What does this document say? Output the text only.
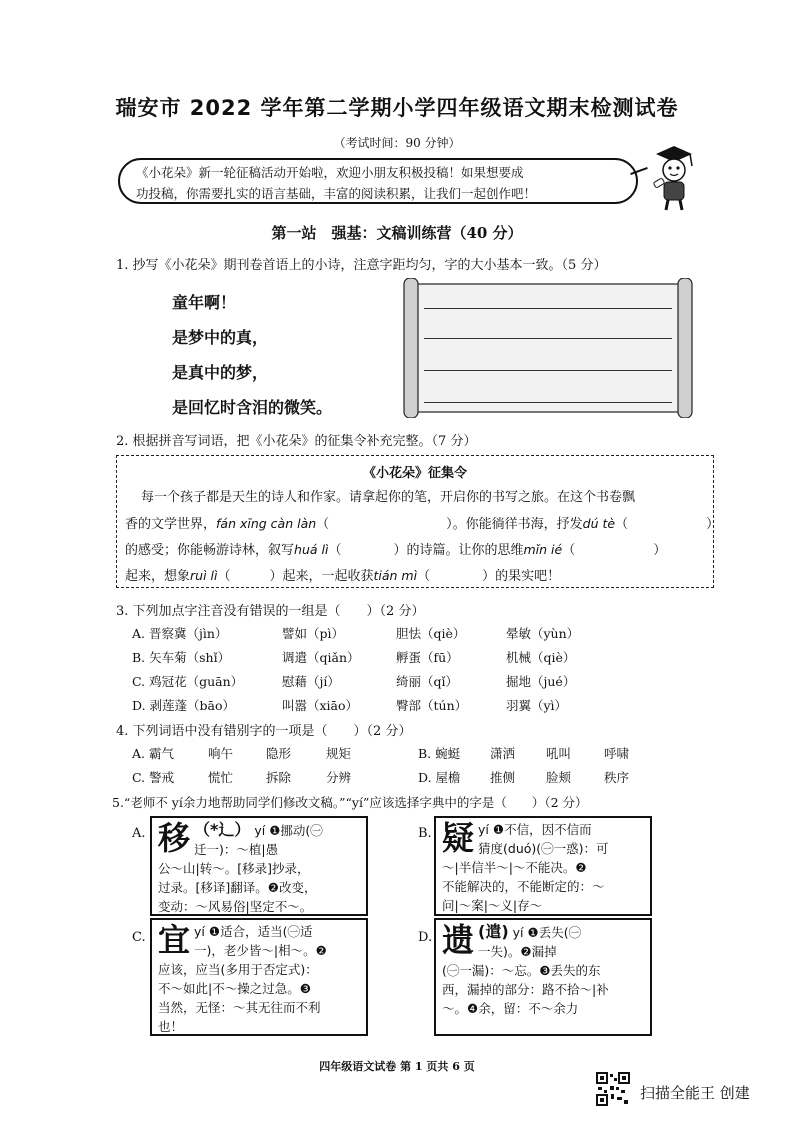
瑞安市 2022 学年第二学期小学四年级语文期末检测试卷
（考试时间：90 分钟）
《小花朵》新一轮征稿活动开始啦，欢迎小朋友积极投稿！如果想要成
功投稿，你需要扎实的语言基础，丰富的阅读积累，让我们一起创作吧！
第一站　强基：文稿训练营（40 分）
1. 抄写《小花朵》期刊卷首语上的小诗，注意字距均匀，字的大小基本一致。（5 分）
童年啊！
是梦中的真，
是真中的梦，
是回忆时含泪的微笑。
2. 根据拼音写词语，把《小花朵》的征集令补充完整。（7 分）
《小花朵》征集令
每一个孩子都是天生的诗人和作家。请拿起你的笔，开启你的书写之旅。在这个书卷飘
香的文学世界，fán xīng càn làn（　　　　　　　　　）。你能徜徉书海，抒发dú tè（　　　　　　）
的感受；你能畅游诗林，叙写huá lì（　　　　）的诗篇。让你的思维mǐn ié（　　　　　　）
起来，想象ruì lì（　　　）起来，一起收获tián mì（　　　　）的果实吧！
3. 下列加点字注音没有错误的一组是（　　）（2 分）
A. 晋察冀（jìn）	譬如（pì）	胆怯（qiè）	晕敏（yùn）
B. 矢车菊（shǐ）	调遣（qiǎn）	孵蛋（fū）	机械（qiè）
C. 鸡冠花（guān）	慰藉（jí）	绮丽（qǐ）	掘地（jué）
D. 剥莲蓬（bāo）	叫嚣（xiāo）	臀部（tún）	羽翼（yì）
4. 下列词语中没有错别字的一项是（　　）（2 分）
A. 霸气	响午	隐形	规矩	B. 蜿蜓 潇洒 吼叫	呼啸
C. 警戒	慌忙	拆除	分辨	D. 屋檐 推侧 脸颊	秩序
5.“老师不 yí余力地帮助同学们修改文稿。”“yí”应该选择字典中的字是（　　）（2 分）
A. 移 （*辶） yí ❶挪动(㊀
迁一)：～植|愚
公～山|转～。[移录]抄录，
过录。[移译]翻译。❷改变，
变动：～风易俗|坚定不～。
B. 疑 yí ❶不信，因不信而
猜度(duó)(㊀一惑)：可
～|半信半～|～不能决。❷
不能解决的，不能断定的：～
问|～案|～义|存～
C. 宜 yí ❶适合，适当(㊀适
一)，老少皆～|相～。❷
应该，应当(多用于否定式)：
不～如此|不～操之过急。❸
当然，无怪：～其无往而不利
也！
D. 遗 (遣) yí ❶丢失(㊀
一失)。❷漏掉
(㊀一漏)：～忘。❸丢失的东
西，漏掉的部分：路不拾～|补
～。❹余，留：不～余力
四年级语文试卷 第 1 页共 6 页
扫描全能王 创建
